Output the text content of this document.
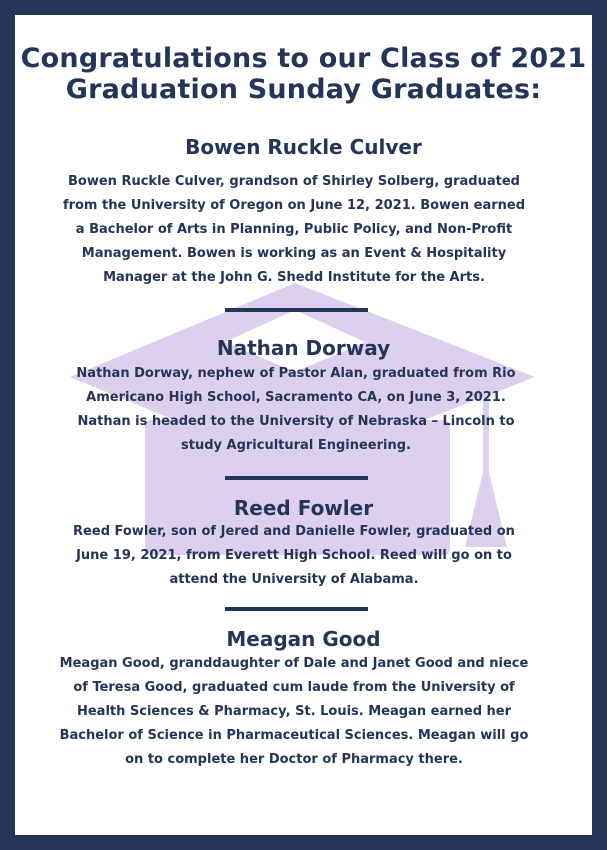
Congratulations to our Class of 2021
Graduation Sunday Graduates:
Bowen Ruckle Culver
Bowen Ruckle Culver, grandson of Shirley Solberg, graduated from the University of Oregon on June 12, 2021. Bowen earned a Bachelor of Arts in Planning, Public Policy, and Non-Profit Management. Bowen is working as an Event & Hospitality Manager at the John G. Shedd Institute for the Arts.
Nathan Dorway
Nathan Dorway, nephew of Pastor Alan, graduated from Rio Americano High School, Sacramento CA, on June 3, 2021. Nathan is headed to the University of Nebraska – Lincoln to study Agricultural Engineering.
Reed Fowler
Reed Fowler, son of Jered and Danielle Fowler, graduated on June 19, 2021, from Everett High School. Reed will go on to attend the University of Alabama.
Meagan Good
Meagan Good, granddaughter of Dale and Janet Good and niece of Teresa Good, graduated cum laude from the University of Health Sciences & Pharmacy, St. Louis. Meagan earned her Bachelor of Science in Pharmaceutical Sciences. Meagan will go on to complete her Doctor of Pharmacy there.
